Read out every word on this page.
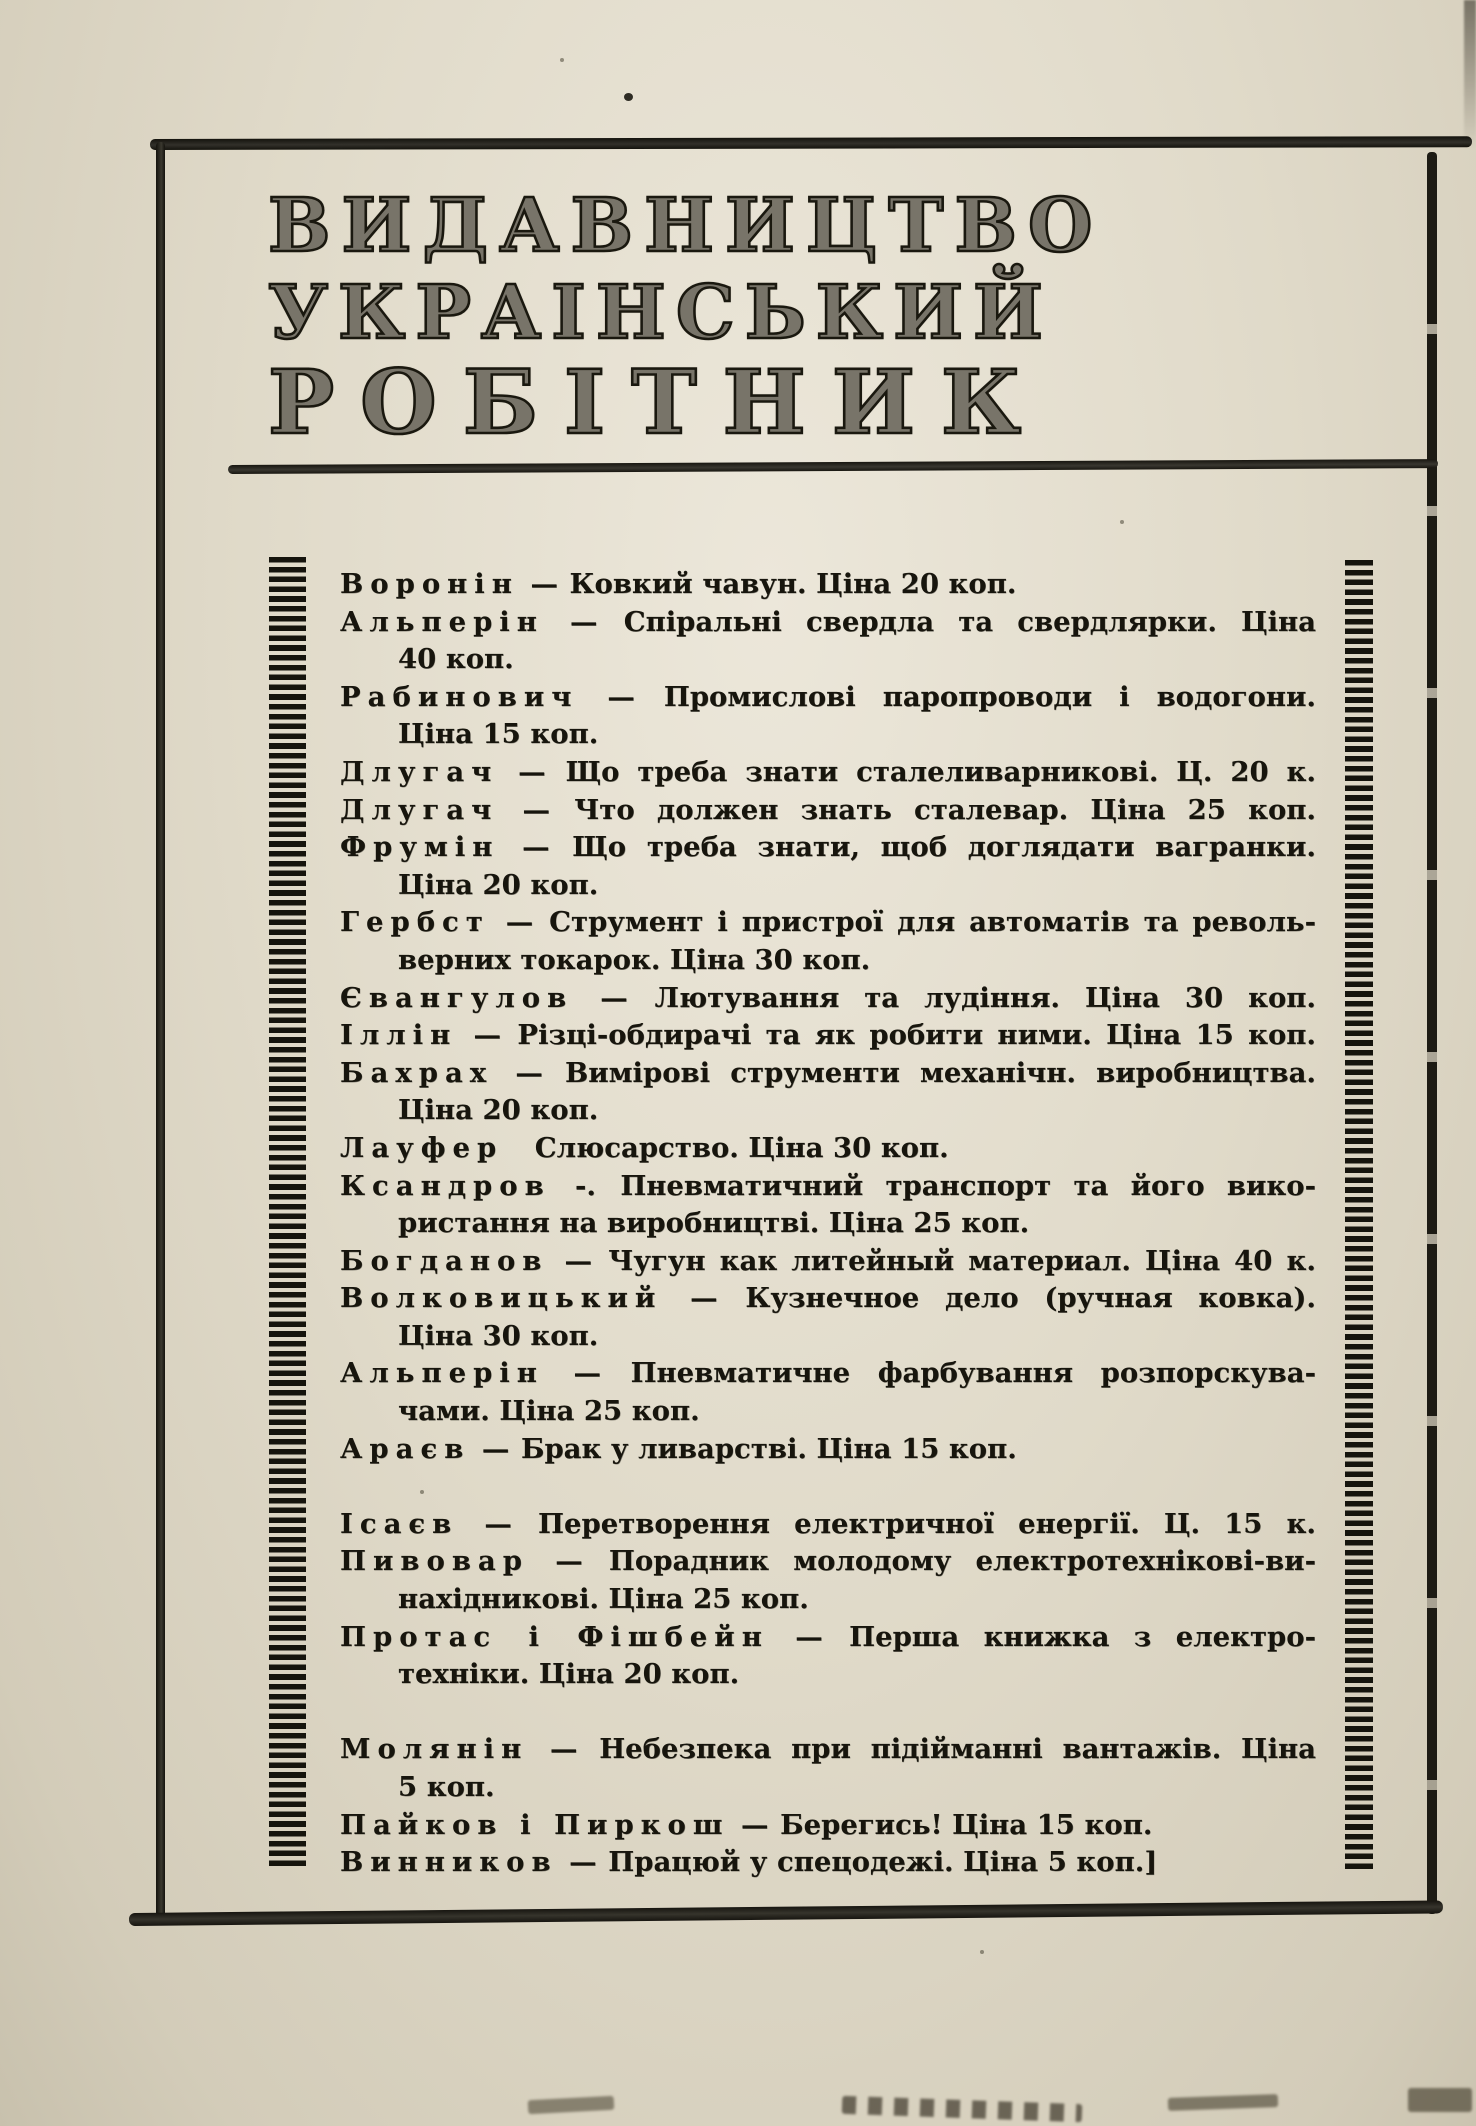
ВИДАВНИЦТВО
УКРАІНСЬКИЙ
РОБІТНИК
Воронін — Ковкий чавун. Ціна 20 коп.
Альперін — Спіральні свердла та свердлярки. Ціна
40 коп.
Рабинович — Промислові паропроводи і водогони.
Ціна 15 коп.
Длугач — Що треба знати сталеливарникові. Ц. 20 к.
Длугач — Что должен знать сталевар. Ціна 25 коп.
Фрумін — Що треба знати, щоб доглядати вагранки.
Ціна 20 коп.
Гербст — Струмент і пристрої для автоматів та револь-
верних токарок. Ціна 30 коп.
Євангулов — Лютування та лудіння. Ціна 30 коп.
Іллін — Різці-обдирачі та як робити ними. Ціна 15 коп.
Бахрах — Вимірові струменти механічн. виробництва.
Ціна 20 коп.
Лауфер   Слюсарство. Ціна 30 коп.
Ксандров -. Пневматичний транспорт та його вико-
ристання на виробництві. Ціна 25 коп.
Богданов — Чугун как литейный материал. Ціна 40 к.
Волковицький — Кузнечное дело (ручная ковка).
Ціна 30 коп.
Альперін — Пневматичне фарбування розпорскува-
чами. Ціна 25 коп.
Араєв — Брак у ливарстві. Ціна 15 коп.
Ісаєв — Перетворення електричної енергії. Ц. 15 к.
Пивовар — Порадник молодому електротехнікові-ви-
нахідникові. Ціна 25 коп.
Протас і Фішбейн — Перша книжка з електро-
техніки. Ціна 20 коп.
Молянін — Небезпека при підійманні вантажів. Ціна
5 коп.
Пайков і Пиркош — Берегись! Ціна 15 коп.
Винников — Працюй у спецодежі. Ціна 5 коп.]
